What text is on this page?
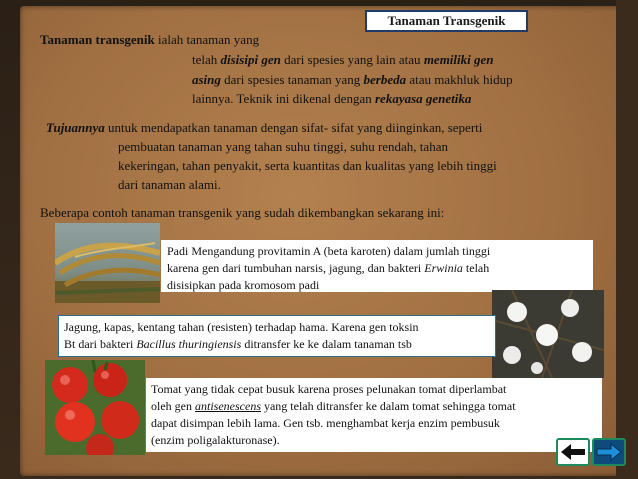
Tanaman Transgenik
Tanaman transgenik ialah tanaman yang
telah disisipi gen dari spesies yang lain atau memiliki gen
asing dari spesies tanaman yang berbeda atau makhluk hidup
lainnya. Teknik ini dikenal dengan rekayasa genetika
Tujuannya untuk mendapatkan tanaman dengan sifat- sifat yang diinginkan, seperti
pembuatan tanaman yang tahan suhu tinggi, suhu rendah, tahan
kekeringan, tahan penyakit, serta kuantitas dan kualitas yang lebih tinggi
dari tanaman alami.
Beberapa contoh tanaman transgenik yang sudah dikembangkan sekarang ini:
Padi Mengandung provitamin A (beta karoten) dalam jumlah tinggi
karena gen dari tumbuhan narsis, jagung, dan bakteri Erwinia telah
disisipkan pada kromosom padi
Jagung, kapas, kentang tahan (resisten) terhadap hama. Karena gen toksin
Bt dari bakteri Bacillus thuringiensis ditransfer ke ke dalam tanaman tsb
Tomat yang tidak cepat busuk karena proses pelunakan tomat diperlambat
oleh gen antisenescens yang telah ditransfer ke dalam tomat sehingga tomat
dapat disimpan lebih lama. Gen tsb. menghambat kerja enzim pembusuk
(enzim poligalakturonase).
